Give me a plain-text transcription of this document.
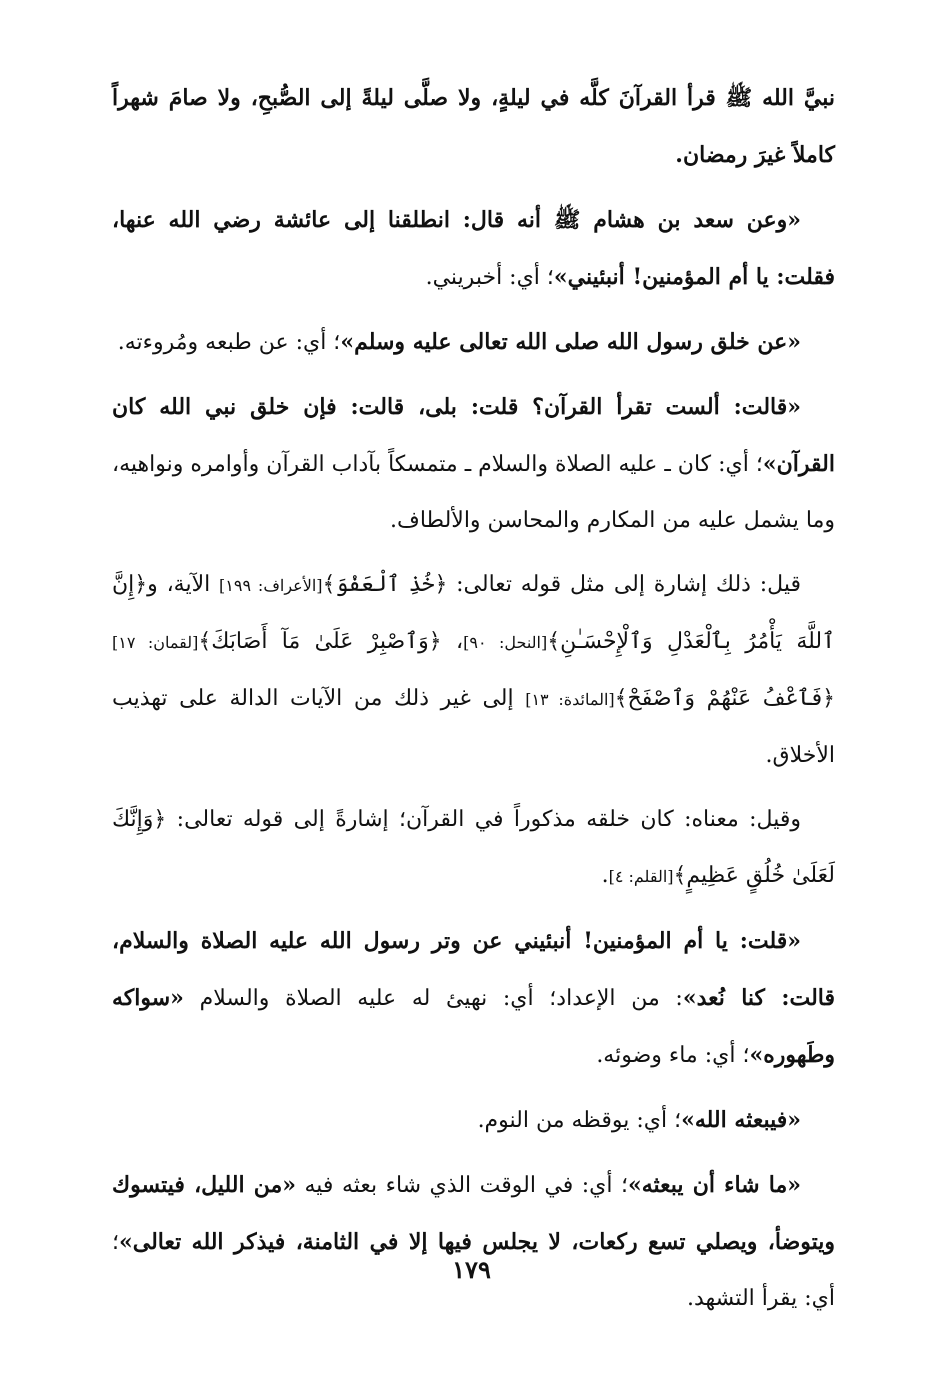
نبيَّ الله ﷺ قرأ القرآنَ كلَّه في ليلةٍ، ولا صلَّى ليلةً إلى الصُّبحِ، ولا صامَ شهراً كاملاً غيرَ رمضان.

«وعن سعد بن هشام ﷺ أنه قال: انطلقنا إلى عائشة رضي الله عنها، فقلت: يا أم المؤمنين! أنبئيني»؛ أي: أخبريني.

«عن خلق رسول الله صلى الله تعالى عليه وسلم»؛ أي: عن طبعه ومُروءته.

«قالت: ألست تقرأ القرآن؟ قلت: بلى، قالت: فإن خلق نبي الله كان القرآن»؛ أي: كان ـ عليه الصلاة والسلام ـ متمسكاً بآداب القرآن وأوامره ونواهيه، وما يشمل عليه من المكارم والمحاسن والألطاف.

قيل: ذلك إشارة إلى مثل قوله تعالى: ﴿خُذِ ٱلْعَفْوَ﴾[الأعراف: ١٩٩] الآية، و﴿إِنَّ ٱللَّهَ يَأْمُرُ بِٱلْعَدْلِ وَٱلْإِحْسَـٰنِ﴾[النحل: ٩٠]، ﴿وَٱصْبِرْ عَلَىٰ مَآ أَصَابَكَ﴾[لقمان: ١٧] ﴿فَٱعْفُ عَنْهُمْ وَٱصْفَحْ﴾[المائدة: ١٣] إلى غير ذلك من الآيات الدالة على تهذيب الأخلاق.

وقيل: معناه: كان خلقه مذكوراً في القرآن؛ إشارةً إلى قوله تعالى: ﴿وَإِنَّكَ لَعَلَىٰ خُلُقٍ عَظِيمٍ﴾[القلم: ٤].

«قلت: يا أم المؤمنين! أنبئيني عن وتر رسول الله عليه الصلاة والسلام، قالت: كنا نُعد»: من الإعداد؛ أي: نهيئ له عليه الصلاة والسلام «سواكه وطَهوره»؛ أي: ماء وضوئه.

«فيبعثه الله»؛ أي: يوقظه من النوم.

«ما شاء أن يبعثه»؛ أي: في الوقت الذي شاء بعثه فيه «من الليل، فيتسوك ويتوضأ، ويصلي تسع ركعات، لا يجلس فيها إلا في الثامنة، فيذكر الله تعالى»؛ أي: يقرأ التشهد.

١٧٩
